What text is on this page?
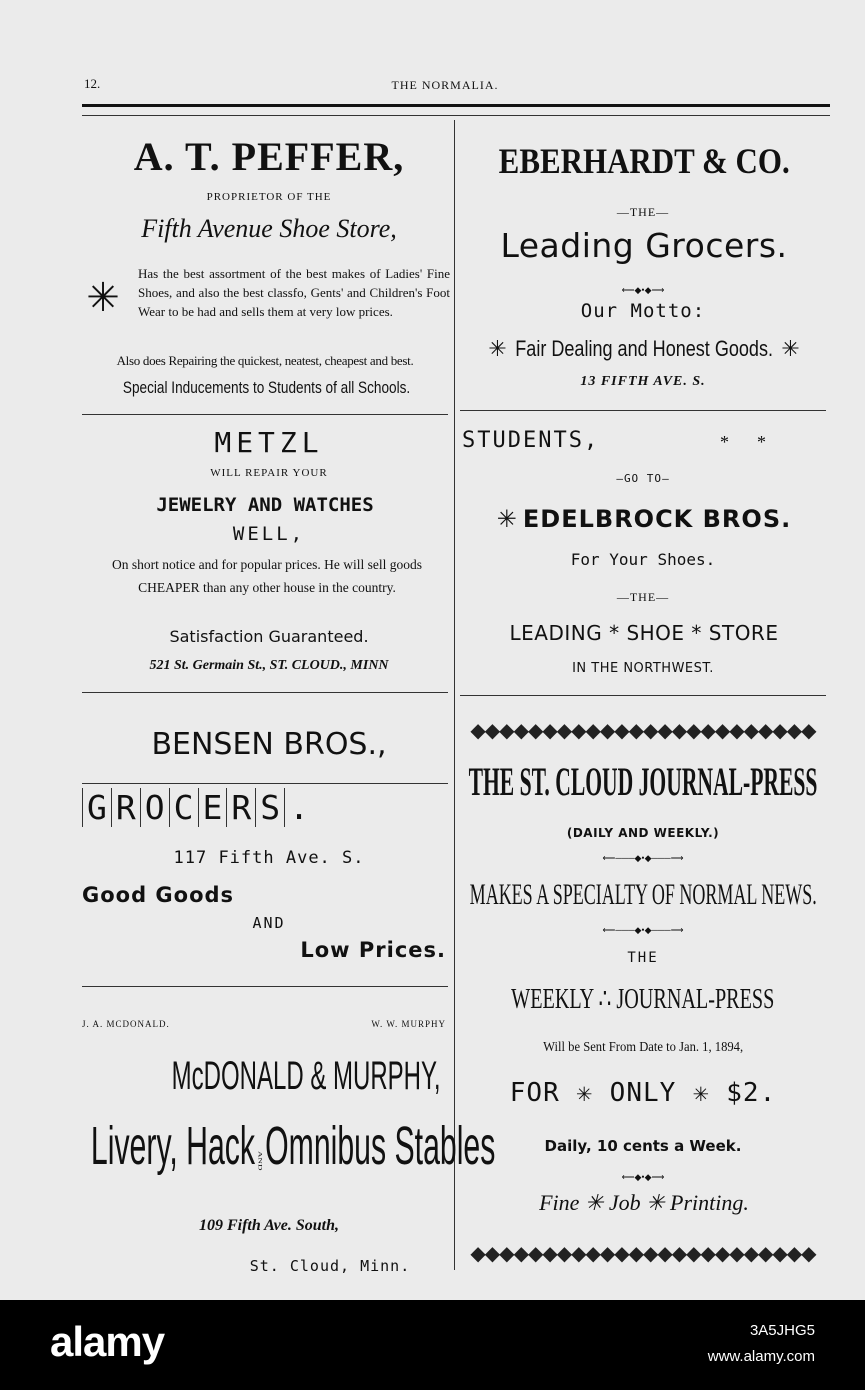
12.	THE NORMALIA.
A. T. PEFFER,
PROPRIETOR OF THE
Fifth Avenue Shoe Store,
✳
Has the best assortment of the best makes of Ladies' Fine Shoes, and also the best classfo, Gents' and Children's Foot Wear to be had and sells them at very low prices.
Also does Repairing the quickest, neatest, cheapest and best.
Special Inducements to Students of all Schools.
METZL
WILL REPAIR YOUR
JEWELRY AND WATCHES
WELL,
On short notice and for popular prices. He will sell goods CHEAPER than any other house in the country.
Satisfaction Guaranteed.
521 St. Germain St., ST. CLOUD., MINN
BENSEN BROS.,
G R O C E R S .
117 Fifth Ave. S.
Good Goods
AND
Low Prices.
J. A. MCDONALD.	W. W. MURPHY
McDONALD & MURPHY,
Livery, Hack AND Omnibus Stables
109 Fifth Ave. South,
St. Cloud, Minn.
EBERHARDT & CO.
—THE—
Leading Grocers.
⟵◆•◆⟶
Our Motto:
✳ Fair Dealing and Honest Goods. ✳
13 FIFTH AVE. S.
STUDENTS,	**
—GO TO—
✳ EDELBROCK BROS.
For Your Shoes.
—THE—
LEADING * SHOE * STORE
IN THE NORTHWEST.
◆◆◆◆◆◆◆◆◆◆◆◆◆◆◆◆◆◆◆◆◆◆◆◆
THE ST. CLOUD JOURNAL-PRESS
(DAILY AND WEEKLY.)
⟵───◆•◆───⟶
MAKES A SPECIALTY OF NORMAL NEWS.
⟵───◆•◆───⟶
THE
WEEKLY ∴ JOURNAL-PRESS
Will be Sent From Date to Jan. 1, 1894,
FOR ✳ ONLY ✳ $2.
Daily, 10 cents a Week.
⟵◆•◆⟶
Fine ✳ Job ✳ Printing.
◆◆◆◆◆◆◆◆◆◆◆◆◆◆◆◆◆◆◆◆◆◆◆◆
alamy	3A5JHG5
www.alamy.com
